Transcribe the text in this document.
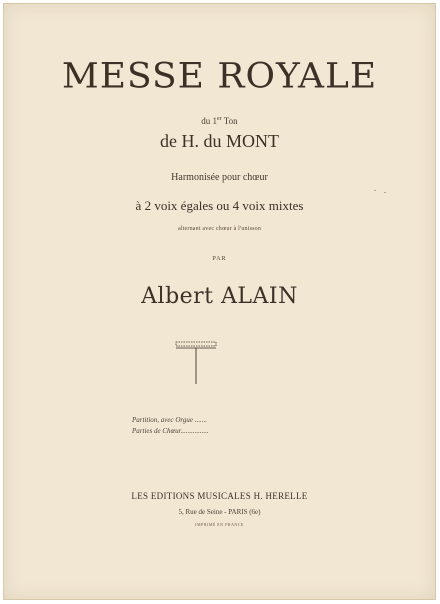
MESSE ROYALE
du 1er Ton
de H. du MONT
Harmonisée pour chœur
à 2 voix égales ou 4 voix mixtes
alternant avec chœur à l'unisson
PAR
Albert ALAIN
Partition, avec Orgue .......
Parties de Chœur................
LES EDITIONS MUSICALES H. HERELLE
5, Rue de Seine - PARIS (6e)
IMPRIMÉ EN FRANCE
